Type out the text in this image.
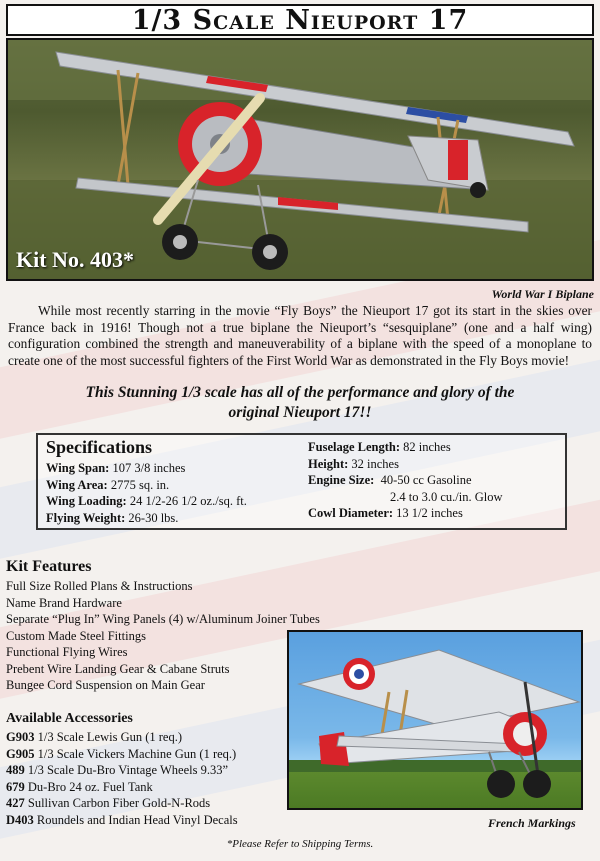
1/3 Scale Nieuport 17
Kit No. 403*
World War I Biplane

While most recently starring in the movie “Fly Boys” the Nieuport 17 got its start in the skies over France back in 1916! Though not a true biplane the Nieuport’s “sesquiplane” (one and a half wing) configuration combined the strength and maneuverability of a biplane with the speed of a monoplane to create one of the most successful fighters of the First World War as demonstrated in the Fly Boys movie!

This Stunning 1/3 scale has all of the performance and glory of the
original Nieuport 17!!
Specifications
Wing Span: 107 3/8 inches
Wing Area: 2775 sq. in.
Wing Loading: 24 1/2-26 1/2 oz./sq. ft.
Flying Weight: 26-30 lbs.
Fuselage Length: 82 inches
Height: 32 inches
Engine Size: 40-50 cc Gasoline
2.4 to 3.0 cu./in. Glow
Cowl Diameter: 13 1/2 inches
Kit Features
Full Size Rolled Plans & Instructions
Name Brand Hardware
Separate “Plug In” Wing Panels (4) w/Aluminum Joiner Tubes
Custom Made Steel Fittings
Functional Flying Wires
Prebent Wire Landing Gear & Cabane Struts
Bungee Cord Suspension on Main Gear
Available Accessories
G903 1/3 Scale Lewis Gun (1 req.)
G905 1/3 Scale Vickers Machine Gun (1 req.)
489 1/3 Scale Du-Bro Vintage Wheels 9.33”
679 Du-Bro 24 oz. Fuel Tank
427 Sullivan Carbon Fiber Gold-N-Rods
D403 Roundels and Indian Head Vinyl Decals	French Markings
*Please Refer to Shipping Terms.
